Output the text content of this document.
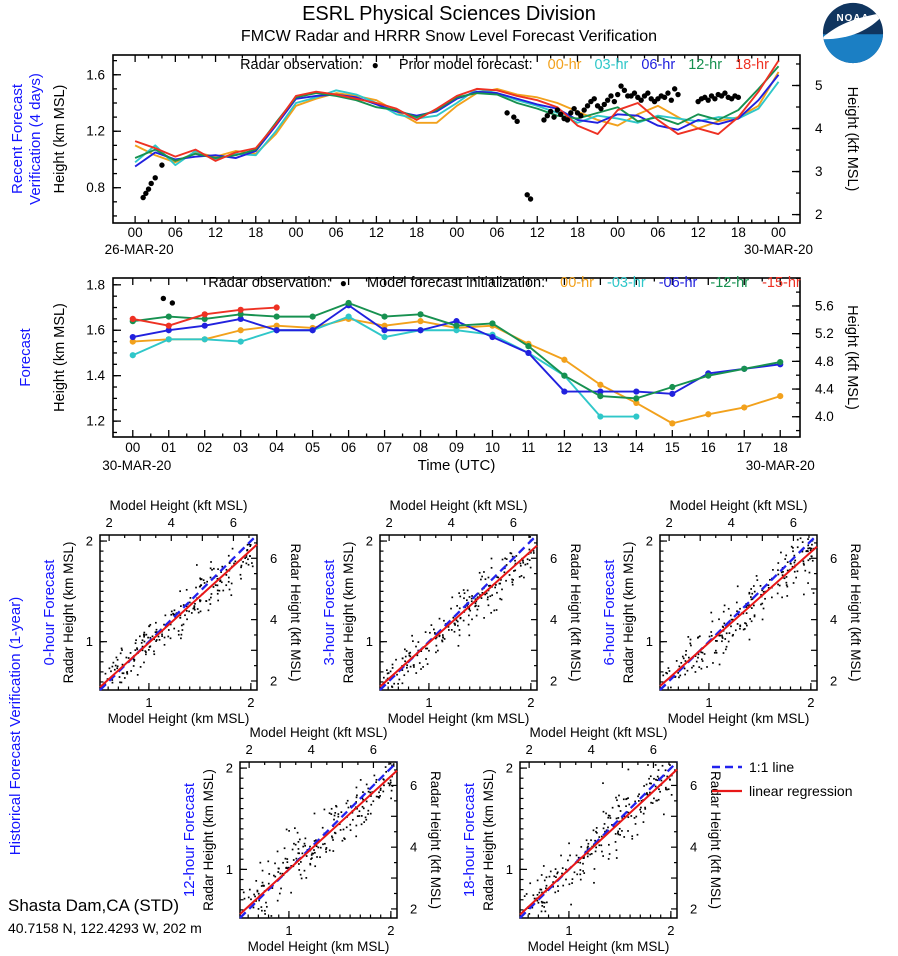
ESRL Physical Sciences Division
FMCW Radar and HRRR Snow Level Forecast Verification
NOAA
00 06 12 18 00 06 12 18 00 06 12 18 00 06 12 18 00
0.8
1.2
1.6
2
3
4
5
Recent Forecast Verification (4 days) Height (km MSL)	Height (kft MSL)
26-MAR-20	30-MAR-20
Radar observation: ● Prior model forecast: 00-hr 03-hr 06-hr 12-hr 18-hr
00 01 02 03 04 05 06 07 08 09 10 11 12 13 14 15 16 17 18
1.2
1.4
1.6
1.8
4.0
4.4
4.8
5.2
5.6
Forecast Height (km MSL)	Height (kft MSL)
30-MAR-20	30-MAR-20
Time (UTC)
Radar observation: ● Model forecast initialization: 00-hr -03-hr -06-hr -12-hr -15-hr
Historical Forecast Verification (1-year)	1
1
2
2
2
2
4
4
6
6
0-hour Forecast Radar Height (km MSL)	Radar Height (kft MSL)
Model Height (kft MSL)
Model Height (km MSL)
1
1
2
2
2
2
4
4
6
6
3-hour Forecast Radar Height (km MSL)	Radar Height (kft MSL)
Model Height (kft MSL)
Model Height (km MSL)
1
1
2
2
2
2
4
4
6
6
6-hour Forecast Radar Height (km MSL)	Radar Height (kft MSL)
Model Height (kft MSL)
Model Height (km MSL)
1
1
2
2
2
2
4
4
6
6
12-hour Forecast Radar Height (km MSL)	Radar Height (kft MSL)
Model Height (kft MSL)
Model Height (km MSL)
1
1
2
2
2
2
4
4
6
6
18-hour Forecast Radar Height (km MSL)	Radar Height (kft MSL)
Model Height (kft MSL)
Model Height (km MSL)
1:1 line
linear regression
Shasta Dam,CA (STD)
40.7158 N, 122.4293 W, 202 m
